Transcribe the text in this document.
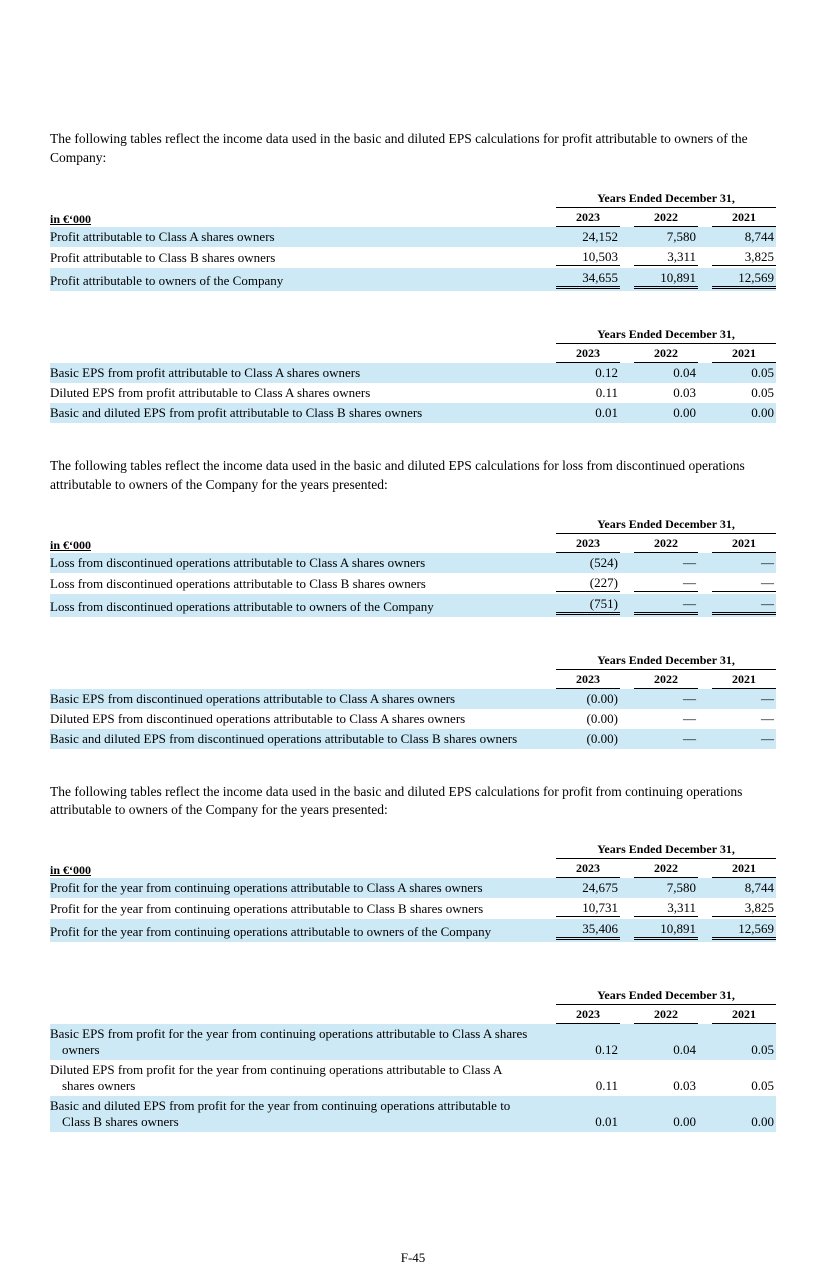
The following tables reflect the income data used in the basic and diluted EPS calculations for profit attributable to owners of the Company:

	Years Ended December 31,		

in €‘000	2023	2022	2021

Profit attributable to Class A shares owners	24,152	7,580	8,744

Profit attributable to Class B shares owners	10,503	3,311	3,825

Profit attributable to owners of the Company	34,655	10,891	12,569

	Years Ended December 31,		

	2023	2022	2021

Basic EPS from profit attributable to Class A shares owners	0.12	0.04	0.05

Diluted EPS from profit attributable to Class A shares owners	0.11	0.03	0.05

Basic and diluted EPS from profit attributable to Class B shares owners	0.01	0.00	0.00

The following tables reflect the income data used in the basic and diluted EPS calculations for loss from discontinued operations attributable to owners of the Company for the years presented:

	Years Ended December 31,		

in €‘000	2023	2022	2021

Loss from discontinued operations attributable to Class A shares owners	(524)	—	—

Loss from discontinued operations attributable to Class B shares owners	(227)	—	—

Loss from discontinued operations attributable to owners of the Company	(751)	—	—

	Years Ended December 31,		

	2023	2022	2021

Basic EPS from discontinued operations attributable to Class A shares owners	(0.00)	—	—

Diluted EPS from discontinued operations attributable to Class A shares owners	(0.00)	—	—

Basic and diluted EPS from discontinued operations attributable to Class B shares owners	(0.00)	—	—

The following tables reflect the income data used in the basic and diluted EPS calculations for profit from continuing operations attributable to owners of the Company for the years presented:

	Years Ended December 31,		

in €‘000	2023	2022	2021

Profit for the year from continuing operations attributable to Class A shares owners	24,675	7,580	8,744

Profit for the year from continuing operations attributable to Class B shares owners	10,731	3,311	3,825

Profit for the year from continuing operations attributable to owners of the Company	35,406	10,891	12,569

	Years Ended December 31,		

	2023	2022	2021

Basic EPS from profit for the year from continuing operations attributable to Class A shares owners	0.12	0.04	0.05

Diluted EPS from profit for the year from continuing operations attributable to Class A shares owners	0.11	0.03	0.05

Basic and diluted EPS from profit for the year from continuing operations attributable to Class B shares owners	0.01	0.00	0.00
F-45
